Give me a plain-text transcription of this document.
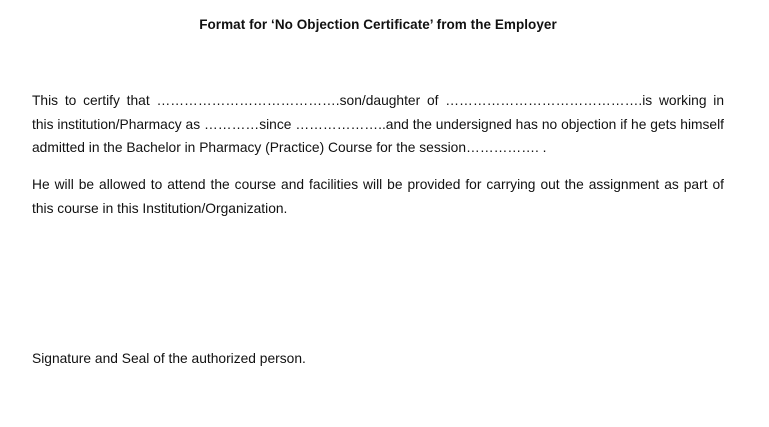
Format for ‘No Objection Certificate’ from the Employer

This to certify that ………………………………….son/daughter of …………………………………….is working in this institution/Pharmacy as …………since ………………..and the undersigned has no objection if he gets himself admitted in the Bachelor in Pharmacy (Practice) Course for the session……………. .

He will be allowed to attend the course and facilities will be provided for carrying out the assignment as part of this course in this Institution/Organization.

Signature and Seal of the authorized person.
